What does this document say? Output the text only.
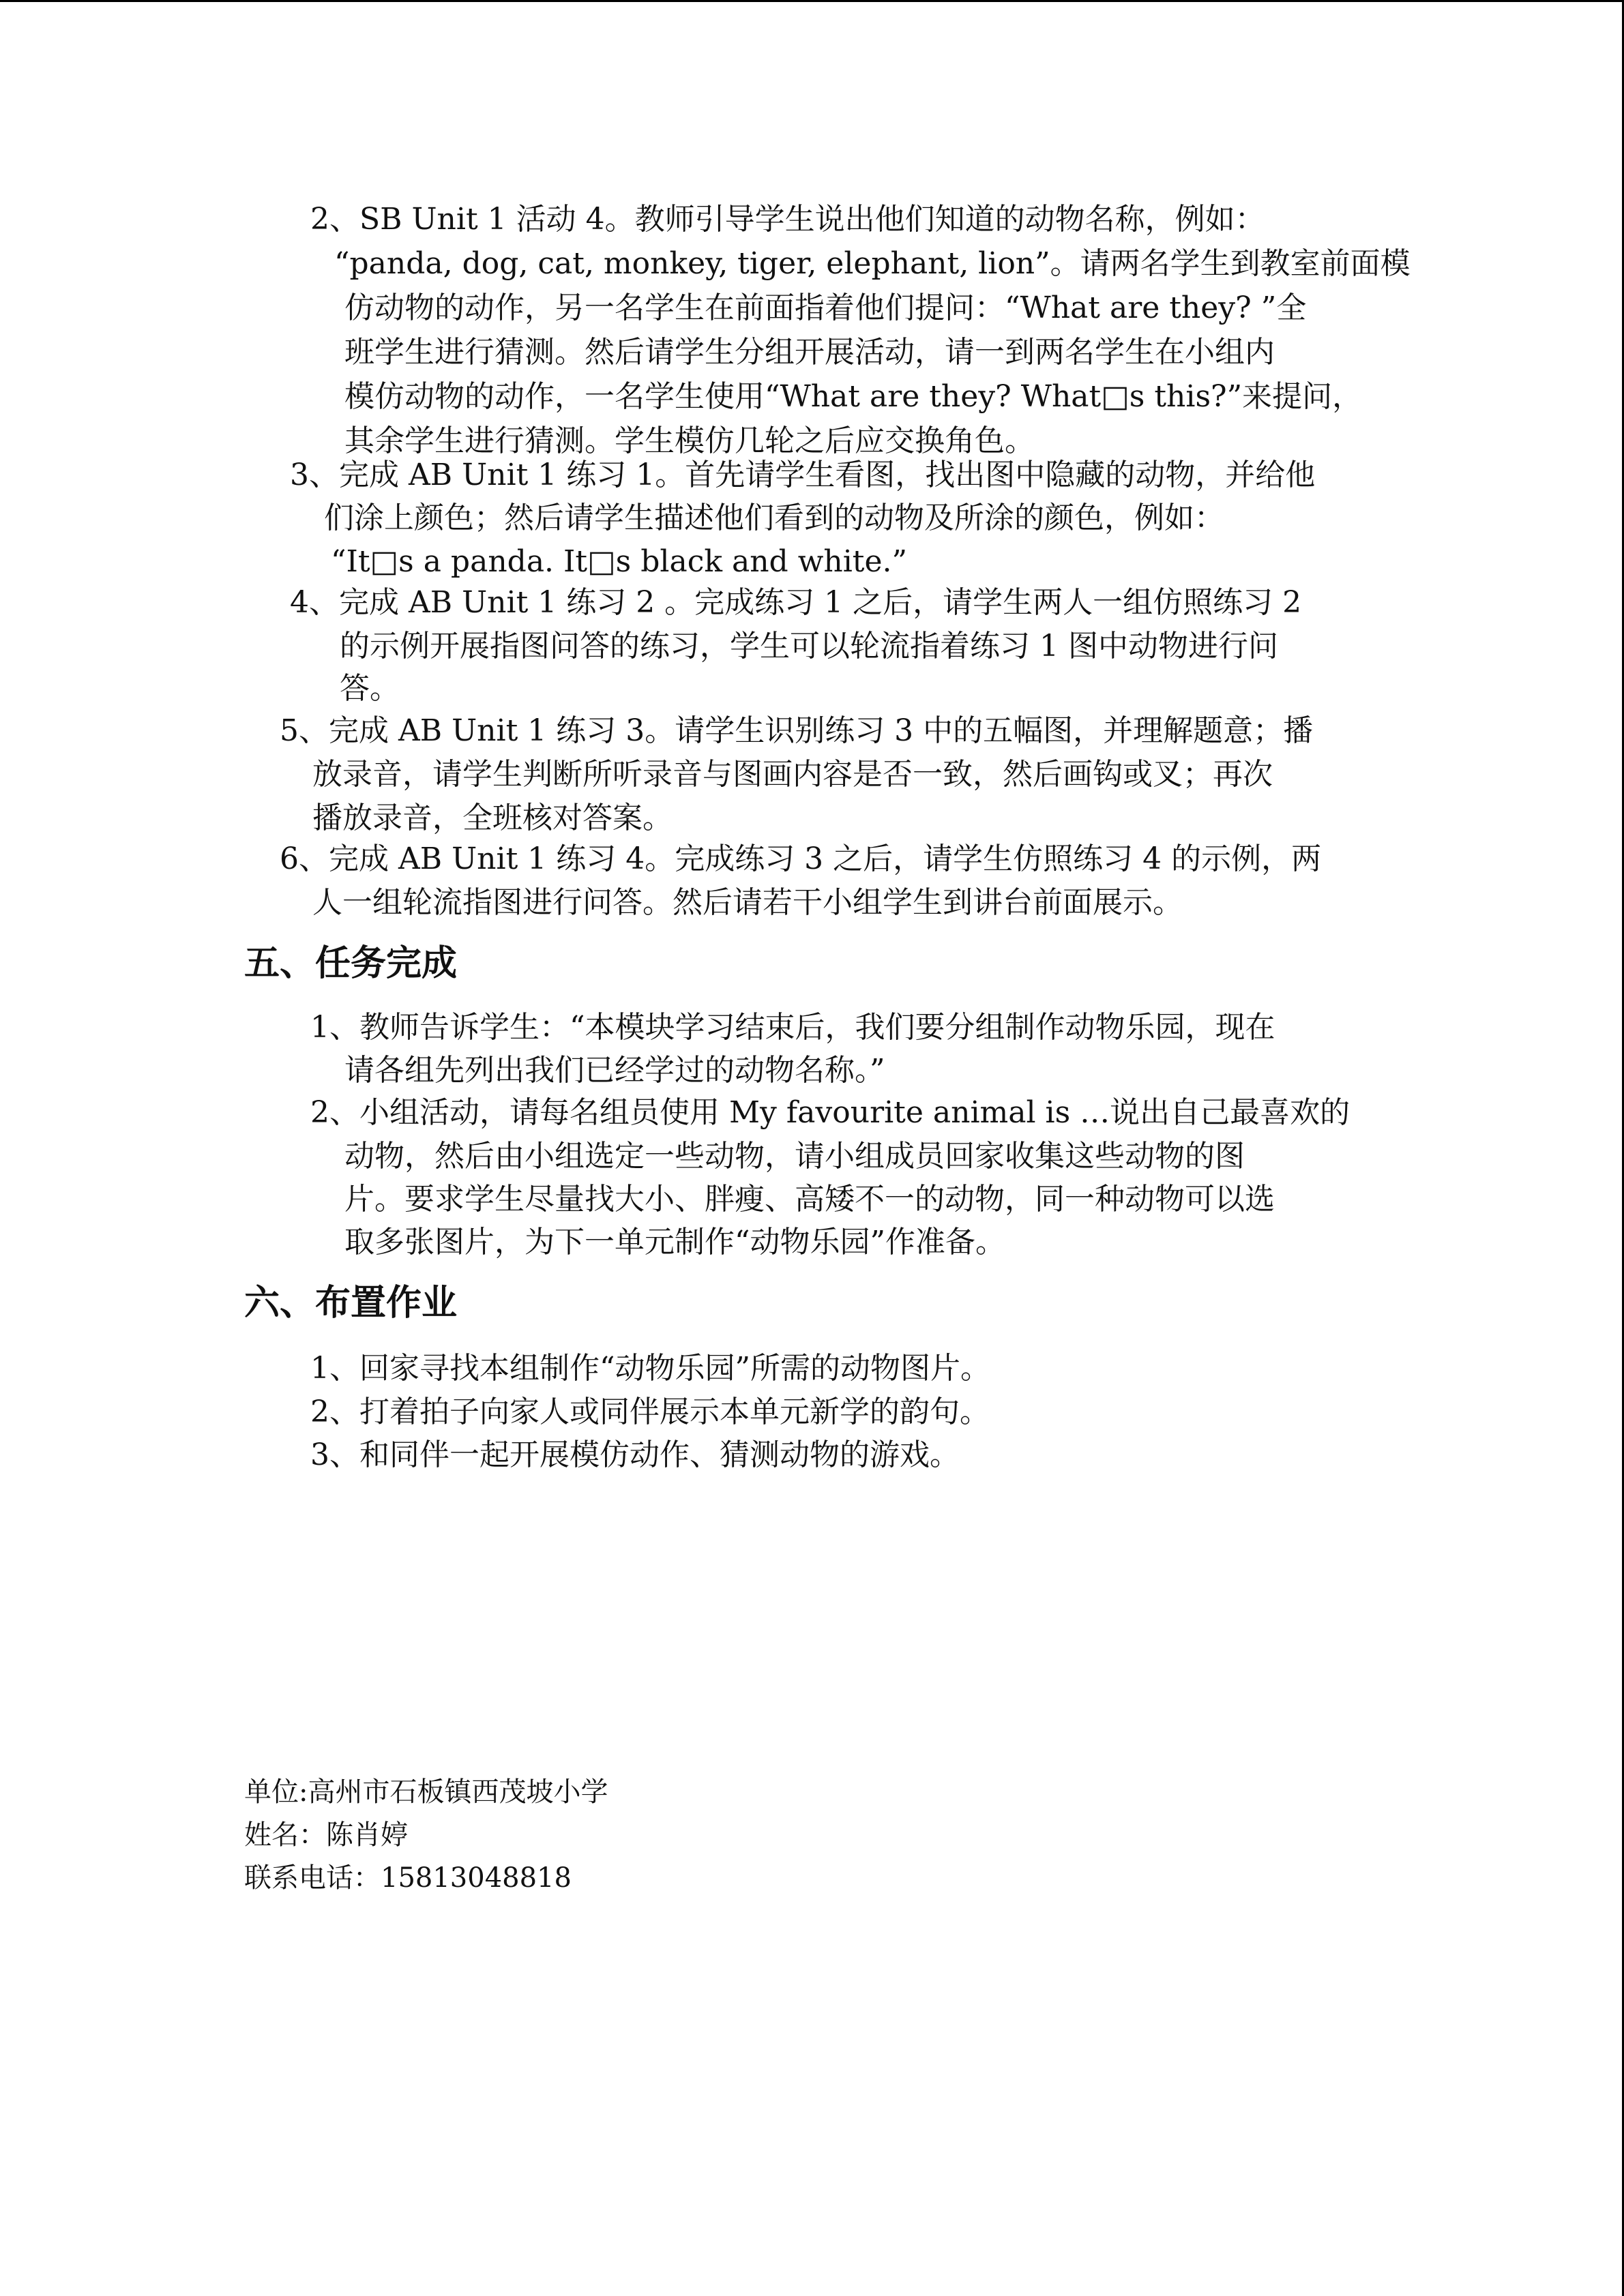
2、SB Unit 1 活动 4。教师引导学生说出他们知道的动物名称，例如：
“panda, dog, cat, monkey, tiger, elephant, lion”。请两名学生到教室前面模
仿动物的动作，另一名学生在前面指着他们提问：“What are they? ”全
班学生进行猜测。然后请学生分组开展活动，请一到两名学生在小组内
模仿动物的动作，一名学生使用“What are they? What□s this?”来提问，
其余学生进行猜测。学生模仿几轮之后应交换角色。
3、完成 AB Unit 1 练习 1。首先请学生看图，找出图中隐藏的动物，并给他
们涂上颜色；然后请学生描述他们看到的动物及所涂的颜色，例如：
“It□s a panda. It□s black and white.”
4、完成 AB Unit 1 练习 2 。完成练习 1 之后，请学生两人一组仿照练习 2
的示例开展指图问答的练习，学生可以轮流指着练习 1 图中动物进行问
答。
5、完成 AB Unit 1 练习 3。请学生识别练习 3 中的五幅图，并理解题意；播
放录音，请学生判断所听录音与图画内容是否一致，然后画钩或叉；再次
播放录音，全班核对答案。
6、完成 AB Unit 1 练习 4。完成练习 3 之后，请学生仿照练习 4 的示例，两
人一组轮流指图进行问答。然后请若干小组学生到讲台前面展示。
五、任务完成
1、教师告诉学生：“本模块学习结束后，我们要分组制作动物乐园，现在
请各组先列出我们已经学过的动物名称。”
2、小组活动，请每名组员使用 My favourite animal is …说出自己最喜欢的
动物，然后由小组选定一些动物，请小组成员回家收集这些动物的图
片。要求学生尽量找大小、胖瘦、高矮不一的动物，同一种动物可以选
取多张图片，为下一单元制作“动物乐园”作准备。
六、布置作业
1、回家寻找本组制作“动物乐园”所需的动物图片。
2、打着拍子向家人或同伴展示本单元新学的韵句。
3、和同伴一起开展模仿动作、猜测动物的游戏。
单位:高州市石板镇西茂坡小学
姓名：陈肖婷
联系电话：15813048818
